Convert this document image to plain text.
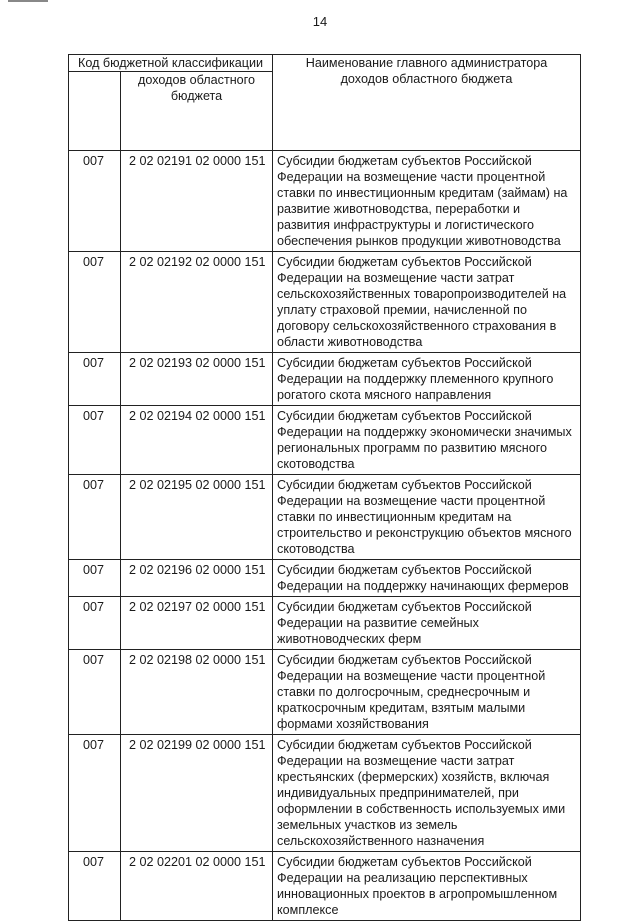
14
Код бюджетной классификации		Наименование главного администратора доходов областного бюджета
	доходов областного бюджета	
007	2 02 02191 02 0000 151	Субсидии бюджетам субъектов Российской Федерации на возмещение части процентной ставки по инвестиционным кредитам (займам) на развитие животноводства, переработки и развития инфраструктуры и логистического обеспечения рынков продукции животноводства
007	2 02 02192 02 0000 151	Субсидии бюджетам субъектов Российской Федерации на возмещение части затрат сельскохозяйственных товаропроизводителей на уплату страховой премии, начисленной по договору сельскохозяйственного страхования в области животноводства
007	2 02 02193 02 0000 151	Субсидии бюджетам субъектов Российской Федерации на поддержку племенного крупного рогатого скота мясного направления
007	2 02 02194 02 0000 151	Субсидии бюджетам субъектов Российской Федерации на поддержку экономически значимых региональных программ по развитию мясного скотоводства
007	2 02 02195 02 0000 151	Субсидии бюджетам субъектов Российской Федерации на возмещение части процентной ставки по инвестиционным кредитам на строительство и реконструкцию объектов мясного скотоводства
007	2 02 02196 02 0000 151	Субсидии бюджетам субъектов Российской Федерации на поддержку начинающих фермеров
007	2 02 02197 02 0000 151	Субсидии бюджетам субъектов Российской Федерации на развитие семейных животноводческих ферм
007	2 02 02198 02 0000 151	Субсидии бюджетам субъектов Российской Федерации на возмещение части процентной ставки по долгосрочным, среднесрочным и краткосрочным кредитам, взятым малыми формами хозяйствования
007	2 02 02199 02 0000 151	Субсидии бюджетам субъектов Российской Федерации на возмещение части затрат крестьянских (фермерских) хозяйств, включая индивидуальных предпринимателей, при оформлении в собственность используемых ими земельных участков из земель сельскохозяйственного назначения
007	2 02 02201 02 0000 151	Субсидии бюджетам субъектов Российской Федерации на реализацию перспективных инновационных проектов в агропромышленном комплексе
